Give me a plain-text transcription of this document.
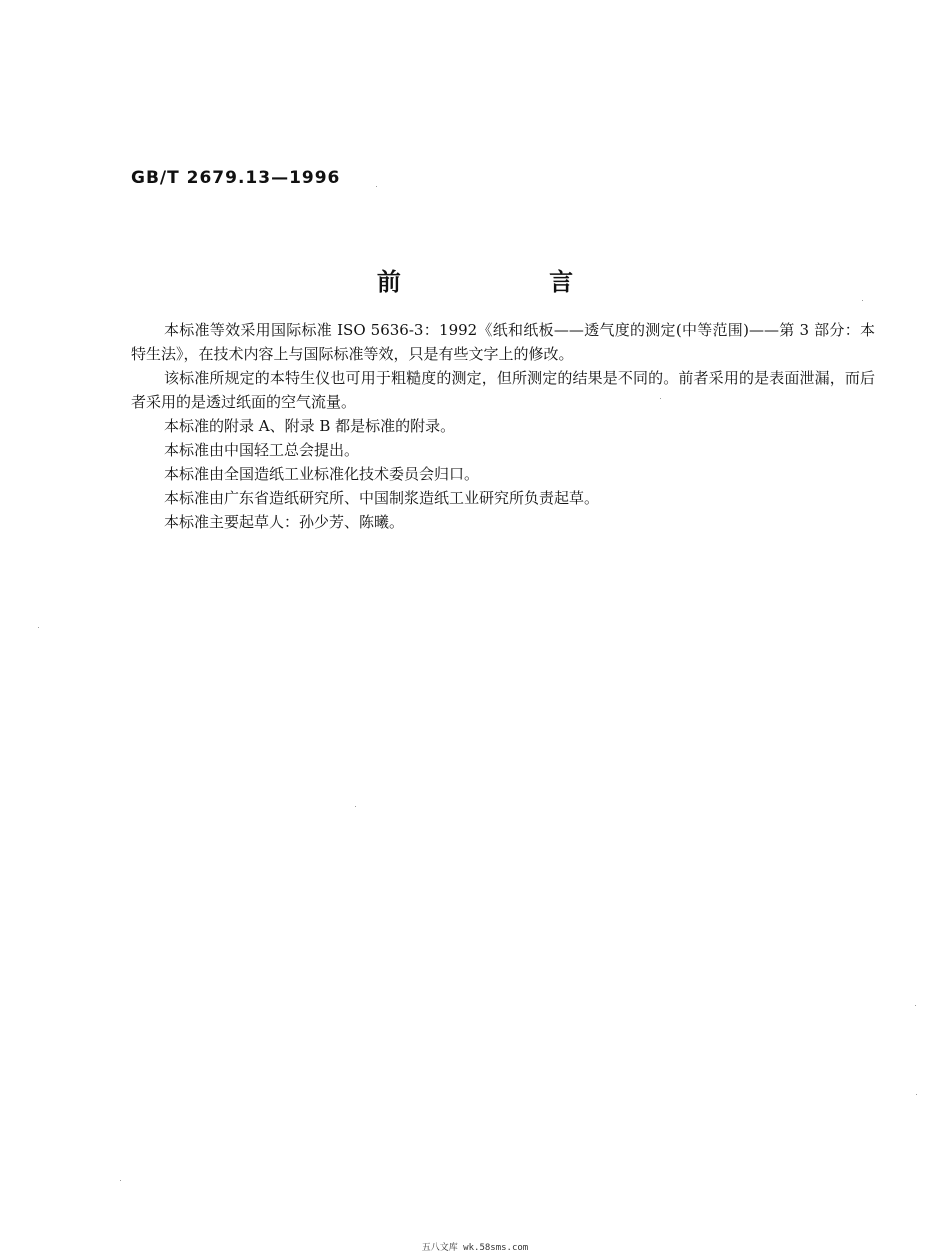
GB/T 2679.13—1996
前 言

本标准等效采用国际标准 ISO 5636-3：1992《纸和纸板——透气度的测定(中等范围)——第 3 部分：本特生法》，在技术内容上与国际标准等效，只是有些文字上的修改。

该标准所规定的本特生仪也可用于粗糙度的测定，但所测定的结果是不同的。前者采用的是表面泄漏，而后者采用的是透过纸面的空气流量。

本标准的附录 A、附录 B 都是标准的附录。

本标准由中国轻工总会提出。

本标准由全国造纸工业标准化技术委员会归口。

本标准由广东省造纸研究所、中国制浆造纸工业研究所负责起草。

本标准主要起草人：孙少芳、陈曦。

五八文库 wk.58sms.com
